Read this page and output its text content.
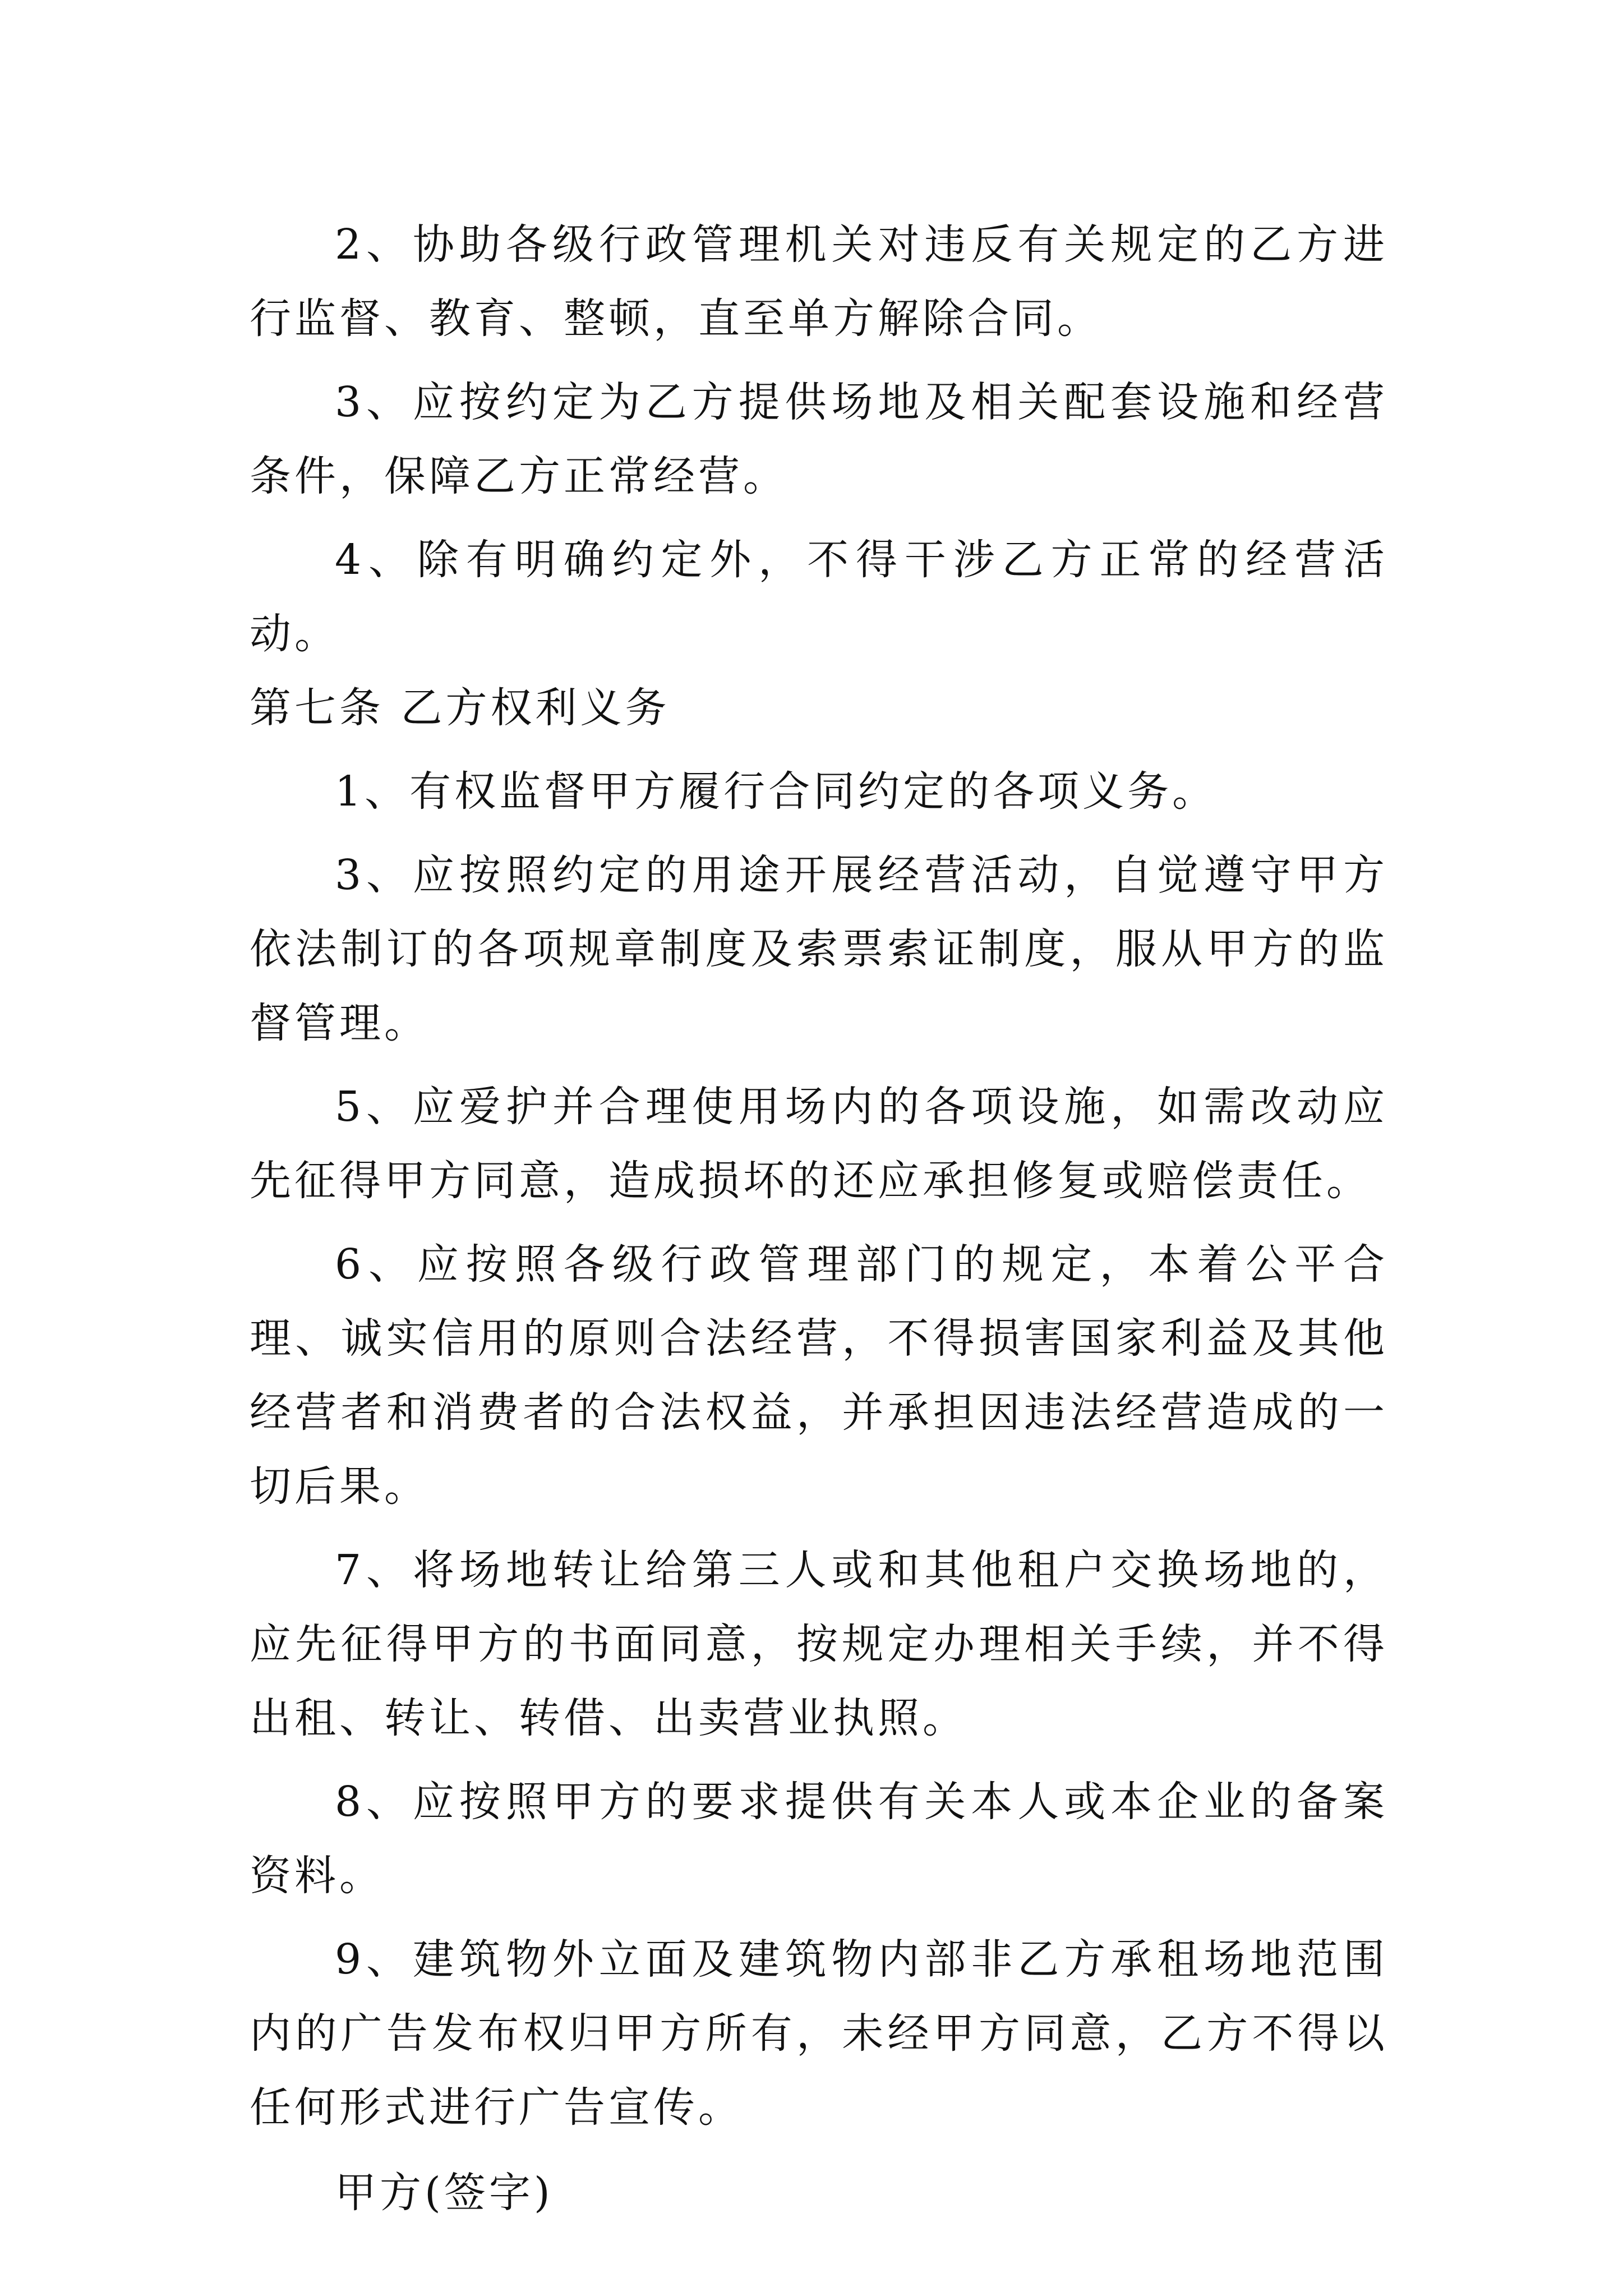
2、协助各级行政管理机关对违反有关规定的乙方进行监督、教育、整顿，直至单方解除合同。

3、应按约定为乙方提供场地及相关配套设施和经营条件，保障乙方正常经营。

4、除有明确约定外，不得干涉乙方正常的经营活动。

第七条 乙方权利义务

1、有权监督甲方履行合同约定的各项义务。

3、应按照约定的用途开展经营活动，自觉遵守甲方依法制订的各项规章制度及索票索证制度，服从甲方的监督管理。

5、应爱护并合理使用场内的各项设施，如需改动应先征得甲方同意，造成损坏的还应承担修复或赔偿责任。

6、应按照各级行政管理部门的规定，本着公平合理、诚实信用的原则合法经营，不得损害国家利益及其他经营者和消费者的合法权益，并承担因违法经营造成的一切后果。

7、将场地转让给第三人或和其他租户交换场地的，应先征得甲方的书面同意，按规定办理相关手续，并不得出租、转让、转借、出卖营业执照。

8、应按照甲方的要求提供有关本人或本企业的备案资料。

9、建筑物外立面及建筑物内部非乙方承租场地范围内的广告发布权归甲方所有，未经甲方同意，乙方不得以任何形式进行广告宣传。

甲方(签字)
